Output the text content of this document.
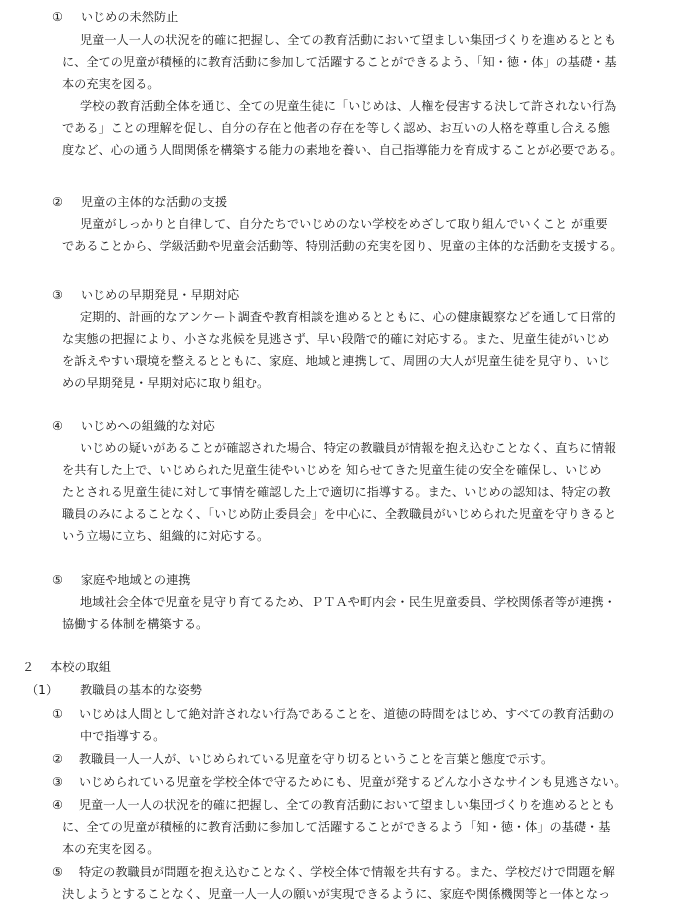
① いじめの未然防止
児童一人一人の状況を的確に把握し、全ての教育活動において望ましい集団づくりを進めるととも
に、全ての児童が積極的に教育活動に参加して活躍することができるよう、「知・徳・体」の基礎・基
本の充実を図る。
学校の教育活動全体を通じ、全ての児童生徒に「いじめは、人権を侵害する決して許されない行為
である」ことの理解を促し、自分の存在と他者の存在を等しく認め、お互いの人格を尊重し合える態
度など、心の通う人間関係を構築する能力の素地を養い、自己指導能力を育成することが必要である。
② 児童の主体的な活動の支援
児童がしっかりと自律して、自分たちでいじめのない学校をめざして取り組んでいくこと が重要
であることから、学級活動や児童会活動等、特別活動の充実を図り、児童の主体的な活動を支援する。
③ いじめの早期発見・早期対応
定期的、計画的なアンケート調査や教育相談を進めるとともに、心の健康観察などを通して日常的
な実態の把握により、小さな兆候を見逃さず、早い段階で的確に対応する。また、児童生徒がいじめ
を訴えやすい環境を整えるとともに、家庭、地域と連携して、周囲の大人が児童生徒を見守り、いじ
めの早期発見・早期対応に取り組む。
④ いじめへの組織的な対応
いじめの疑いがあることが確認された場合、特定の教職員が情報を抱え込むことなく、直ちに情報
を共有した上で、いじめられた児童生徒やいじめを 知らせてきた児童生徒の安全を確保し、いじめ
たとされる児童生徒に対して事情を確認した上で適切に指導する。また、いじめの認知は、特定の教
職員のみによることなく、「いじめ防止委員会」を中心に、全教職員がいじめられた児童を守りきると
いう立場に立ち、組織的に対応する。
⑤ 家庭や地域との連携
地域社会全体で児童を見守り育てるため、ＰＴＡや町内会・民生児童委員、学校関係者等が連携・
協働する体制を構築する。
２ 本校の取組
（1） 教職員の基本的な姿勢
① いじめは人間として絶対許されない行為であることを、道徳の時間をはじめ、すべての教育活動の
中で指導する。
② 教職員一人一人が、いじめられている児童を守り切るということを言葉と態度で示す。
③ いじめられている児童を学校全体で守るためにも、児童が発するどんな小さなサインも見逃さない。
④ 児童一人一人の状況を的確に把握し、全ての教育活動において望ましい集団づくりを進めるととも
に、全ての児童が積極的に教育活動に参加して活躍することができるよう「知・徳・体」の基礎・基
本の充実を図る。
⑤ 特定の教職員が問題を抱え込むことなく、学校全体で情報を共有する。また、学校だけで問題を解
決しようとすることなく、児童一人一人の願いが実現できるように、家庭や関係機関等と一体となっ
